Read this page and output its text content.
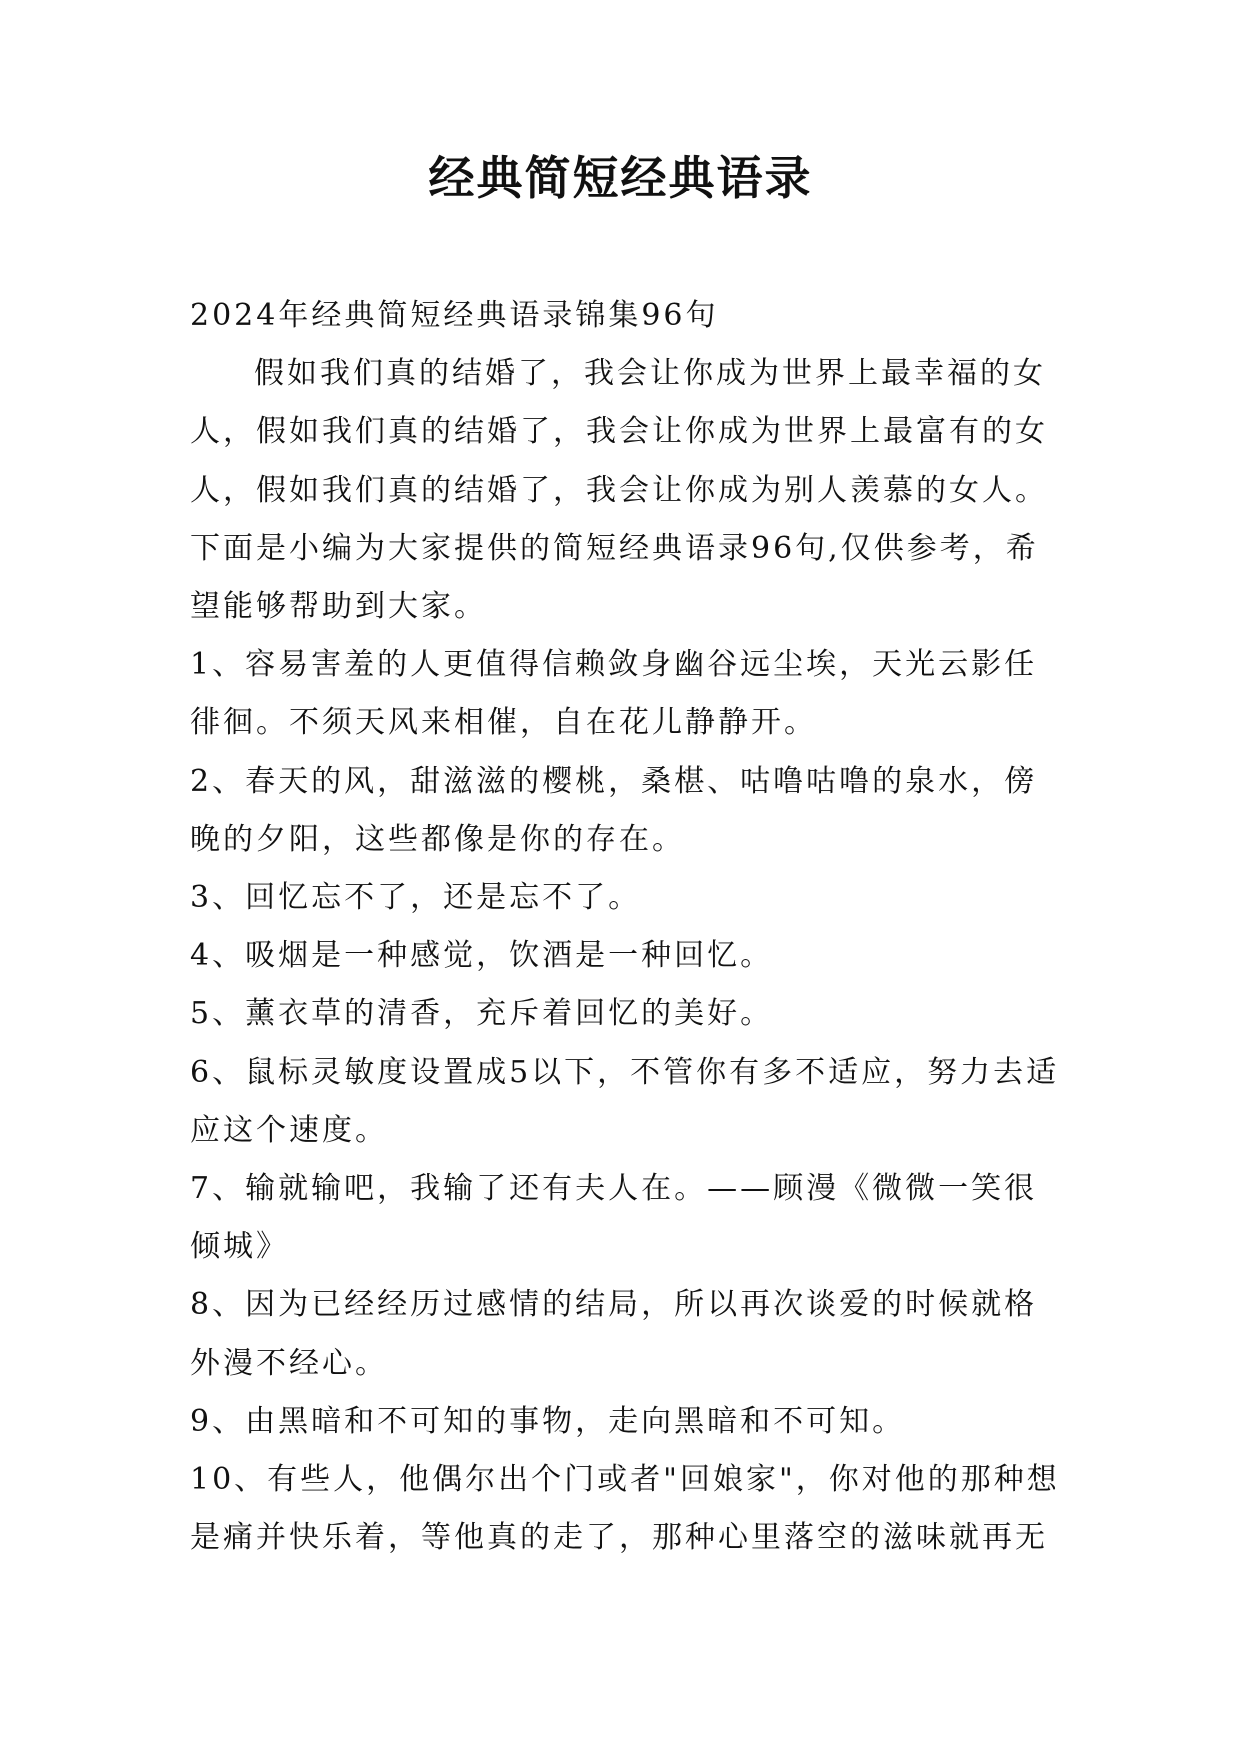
经典简短经典语录

2024年经典简短经典语录锦集96句

假如我们真的结婚了，我会让你成为世界上最幸福的女人，假如我们真的结婚了，我会让你成为世界上最富有的女人，假如我们真的结婚了，我会让你成为别人羡慕的女人。下面是小编为大家提供的简短经典语录96句,仅供参考，希望能够帮助到大家。

1、容易害羞的人更值得信赖敛身幽谷远尘埃，天光云影任徘徊。不须天风来相催，自在花儿静静开。

2、春天的风，甜滋滋的樱桃，桑椹、咕噜咕噜的泉水，傍晚的夕阳，这些都像是你的存在。

3、回忆忘不了，还是忘不了。

4、吸烟是一种感觉，饮酒是一种回忆。

5、薰衣草的清香，充斥着回忆的美好。

6、鼠标灵敏度设置成5以下，不管你有多不适应，努力去适应这个速度。

7、输就输吧，我输了还有夫人在。——顾漫《微微一笑很倾城》

8、因为已经经历过感情的结局，所以再次谈爱的时候就格外漫不经心。

9、由黑暗和不可知的事物，走向黑暗和不可知。

10、有些人，他偶尔出个门或者"回娘家"，你对他的那种想是痛并快乐着，等他真的走了，那种心里落空的滋味就再无
